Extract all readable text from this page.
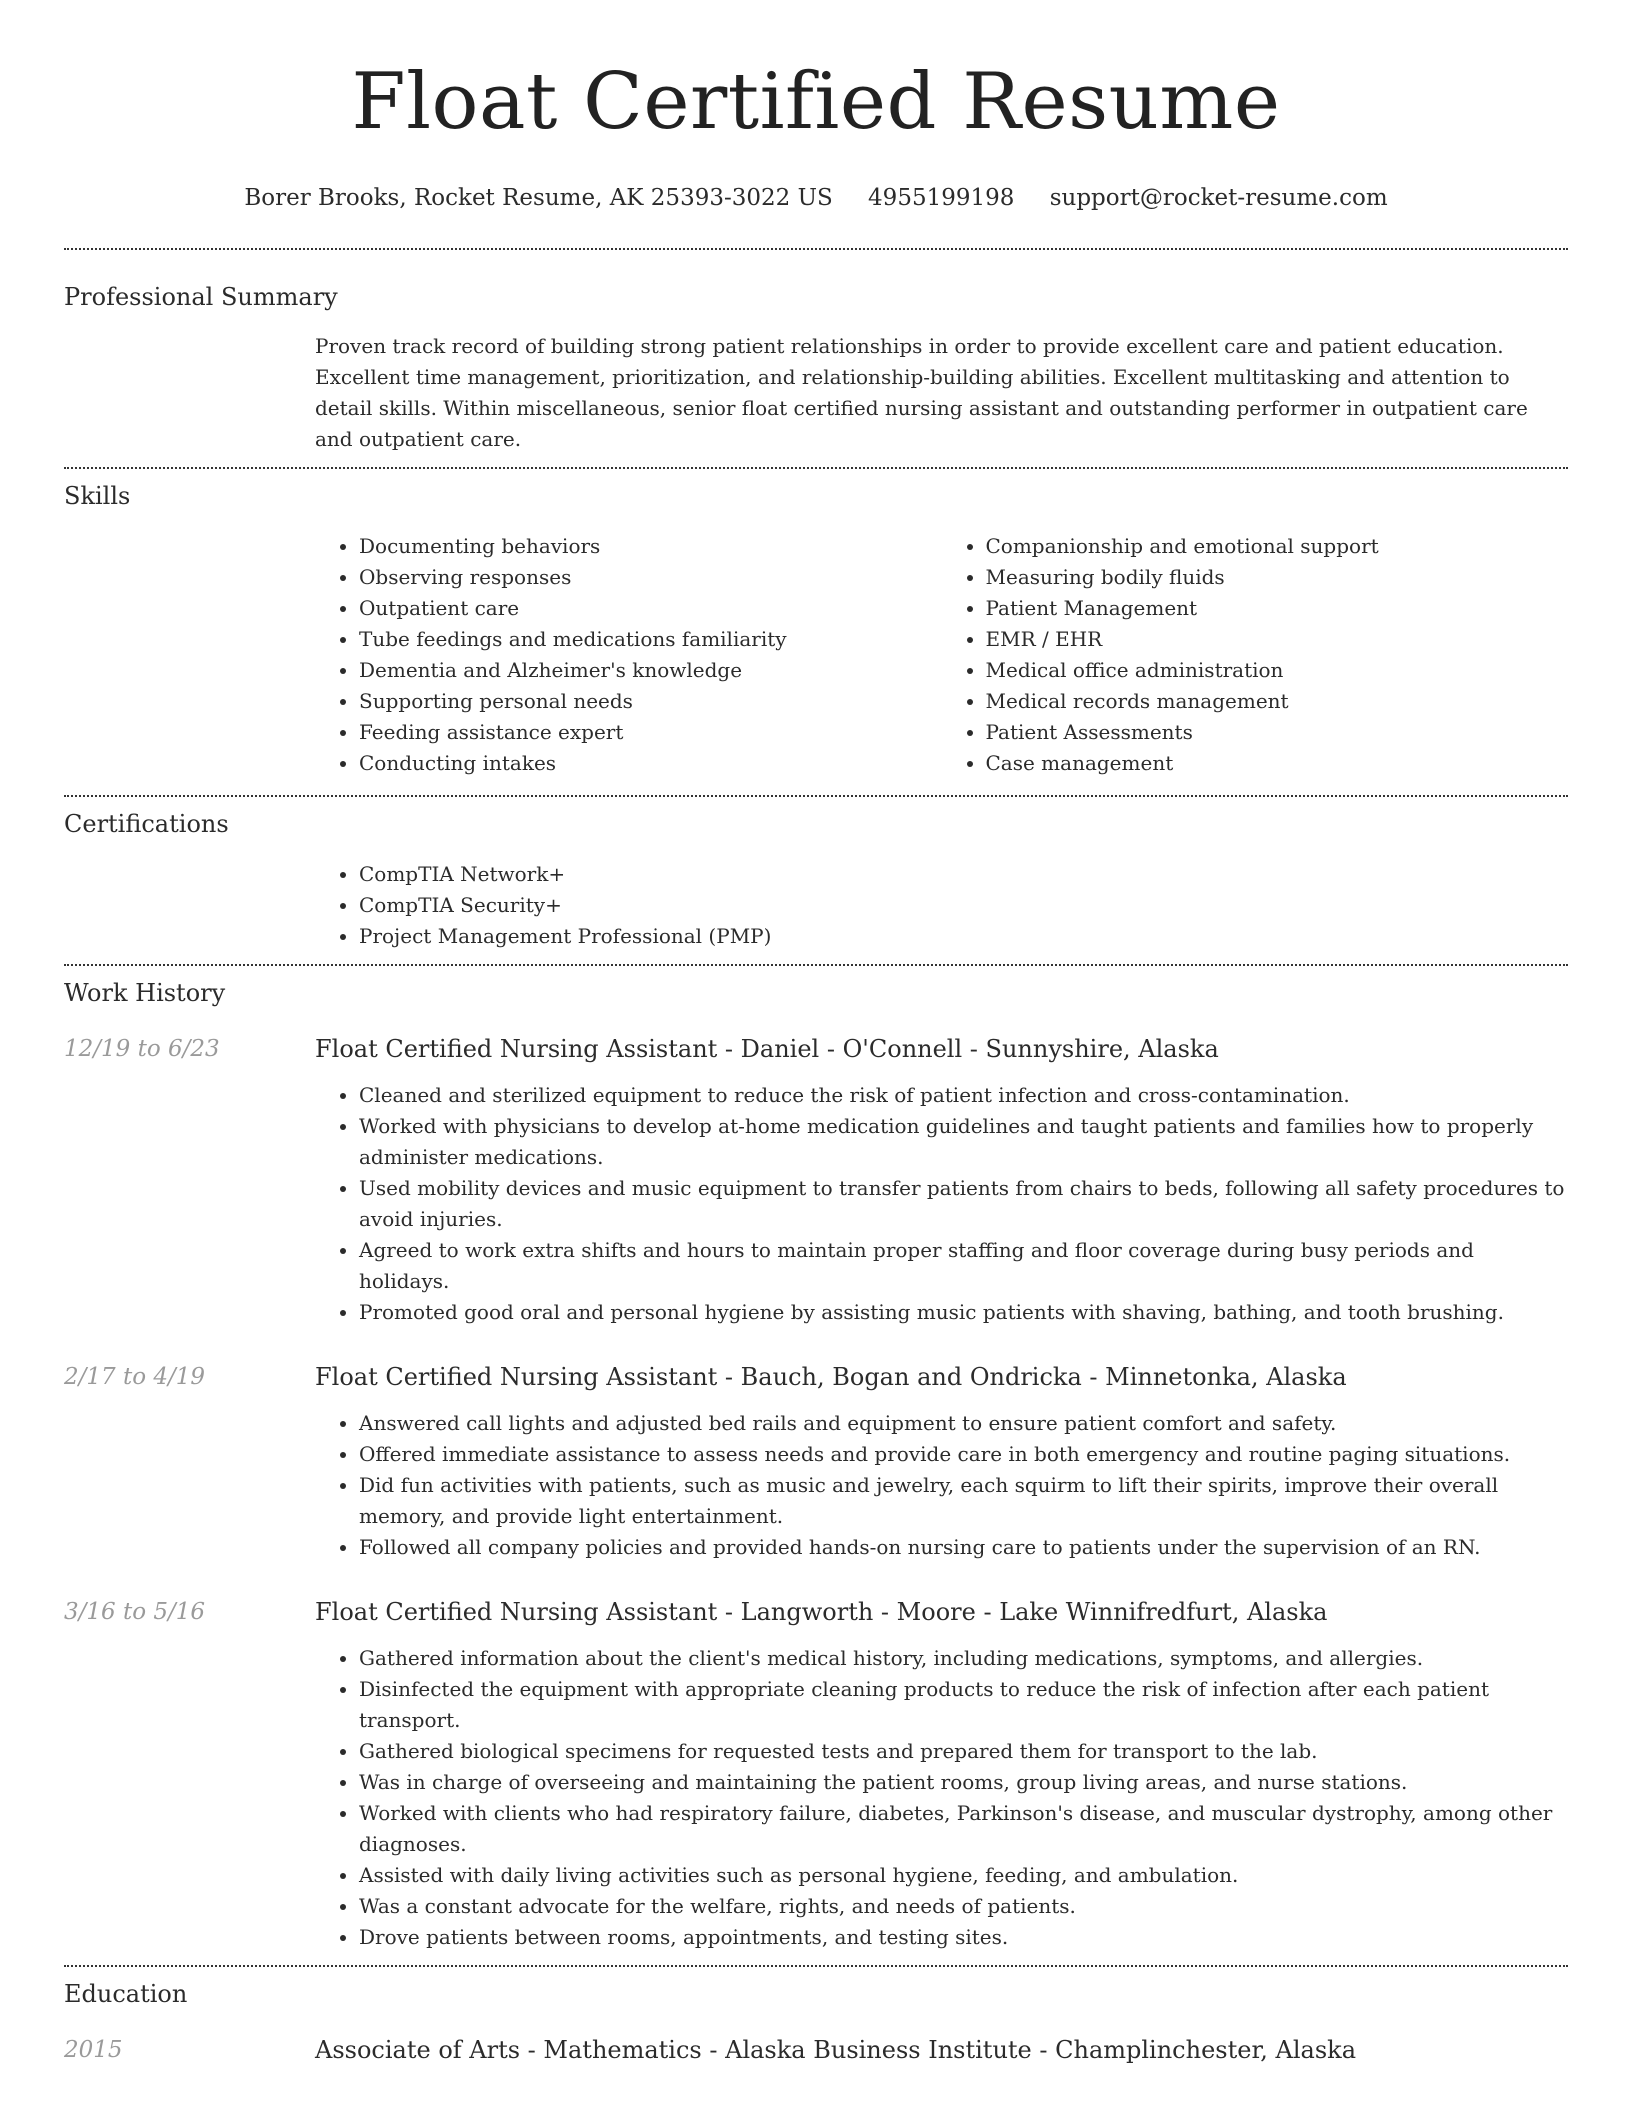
Float Certified Resume
Borer Brooks, Rocket Resume, AK 25393-3022 US 4955199198 support@rocket-resume.com
Professional Summary

Proven track record of building strong patient relationships in order to provide excellent care and patient education. Excellent time management, prioritization, and relationship-building abilities. Excellent multitasking and attention to detail skills. Within miscellaneous, senior float certified nursing assistant and outstanding performer in outpatient care and outpatient care.

Skills
• Documenting behaviors
• Observing responses
• Outpatient care
• Tube feedings and medications familiarity
• Dementia and Alzheimer's knowledge
• Supporting personal needs
• Feeding assistance expert
• Conducting intakes
• Companionship and emotional support
• Measuring bodily fluids
• Patient Management
• EMR / EHR
• Medical office administration
• Medical records management
• Patient Assessments
• Case management
Certifications
• CompTIA Network+
• CompTIA Security+
• Project Management Professional (PMP)
Work History
12/19 to 6/23	Float Certified Nursing Assistant - Daniel - O'Connell - Sunnyshire, Alaska
• Cleaned and sterilized equipment to reduce the risk of patient infection and cross-contamination.
• Worked with physicians to develop at-home medication guidelines and taught patients and families how to properly administer medications.
• Used mobility devices and music equipment to transfer patients from chairs to beds, following all safety procedures to avoid injuries.
• Agreed to work extra shifts and hours to maintain proper staffing and floor coverage during busy periods and holidays.
• Promoted good oral and personal hygiene by assisting music patients with shaving, bathing, and tooth brushing.
2/17 to 4/19	Float Certified Nursing Assistant - Bauch, Bogan and Ondricka - Minnetonka, Alaska
• Answered call lights and adjusted bed rails and equipment to ensure patient comfort and safety.
• Offered immediate assistance to assess needs and provide care in both emergency and routine paging situations.
• Did fun activities with patients, such as music and jewelry, each squirm to lift their spirits, improve their overall memory, and provide light entertainment.
• Followed all company policies and provided hands-on nursing care to patients under the supervision of an RN.
3/16 to 5/16	Float Certified Nursing Assistant - Langworth - Moore - Lake Winnifredfurt, Alaska
• Gathered information about the client's medical history, including medications, symptoms, and allergies.
• Disinfected the equipment with appropriate cleaning products to reduce the risk of infection after each patient transport.
• Gathered biological specimens for requested tests and prepared them for transport to the lab.
• Was in charge of overseeing and maintaining the patient rooms, group living areas, and nurse stations.
• Worked with clients who had respiratory failure, diabetes, Parkinson's disease, and muscular dystrophy, among other diagnoses.
• Assisted with daily living activities such as personal hygiene, feeding, and ambulation.
• Was a constant advocate for the welfare, rights, and needs of patients.
• Drove patients between rooms, appointments, and testing sites.
Education
2015	Associate of Arts - Mathematics - Alaska Business Institute - Champlinchester, Alaska
